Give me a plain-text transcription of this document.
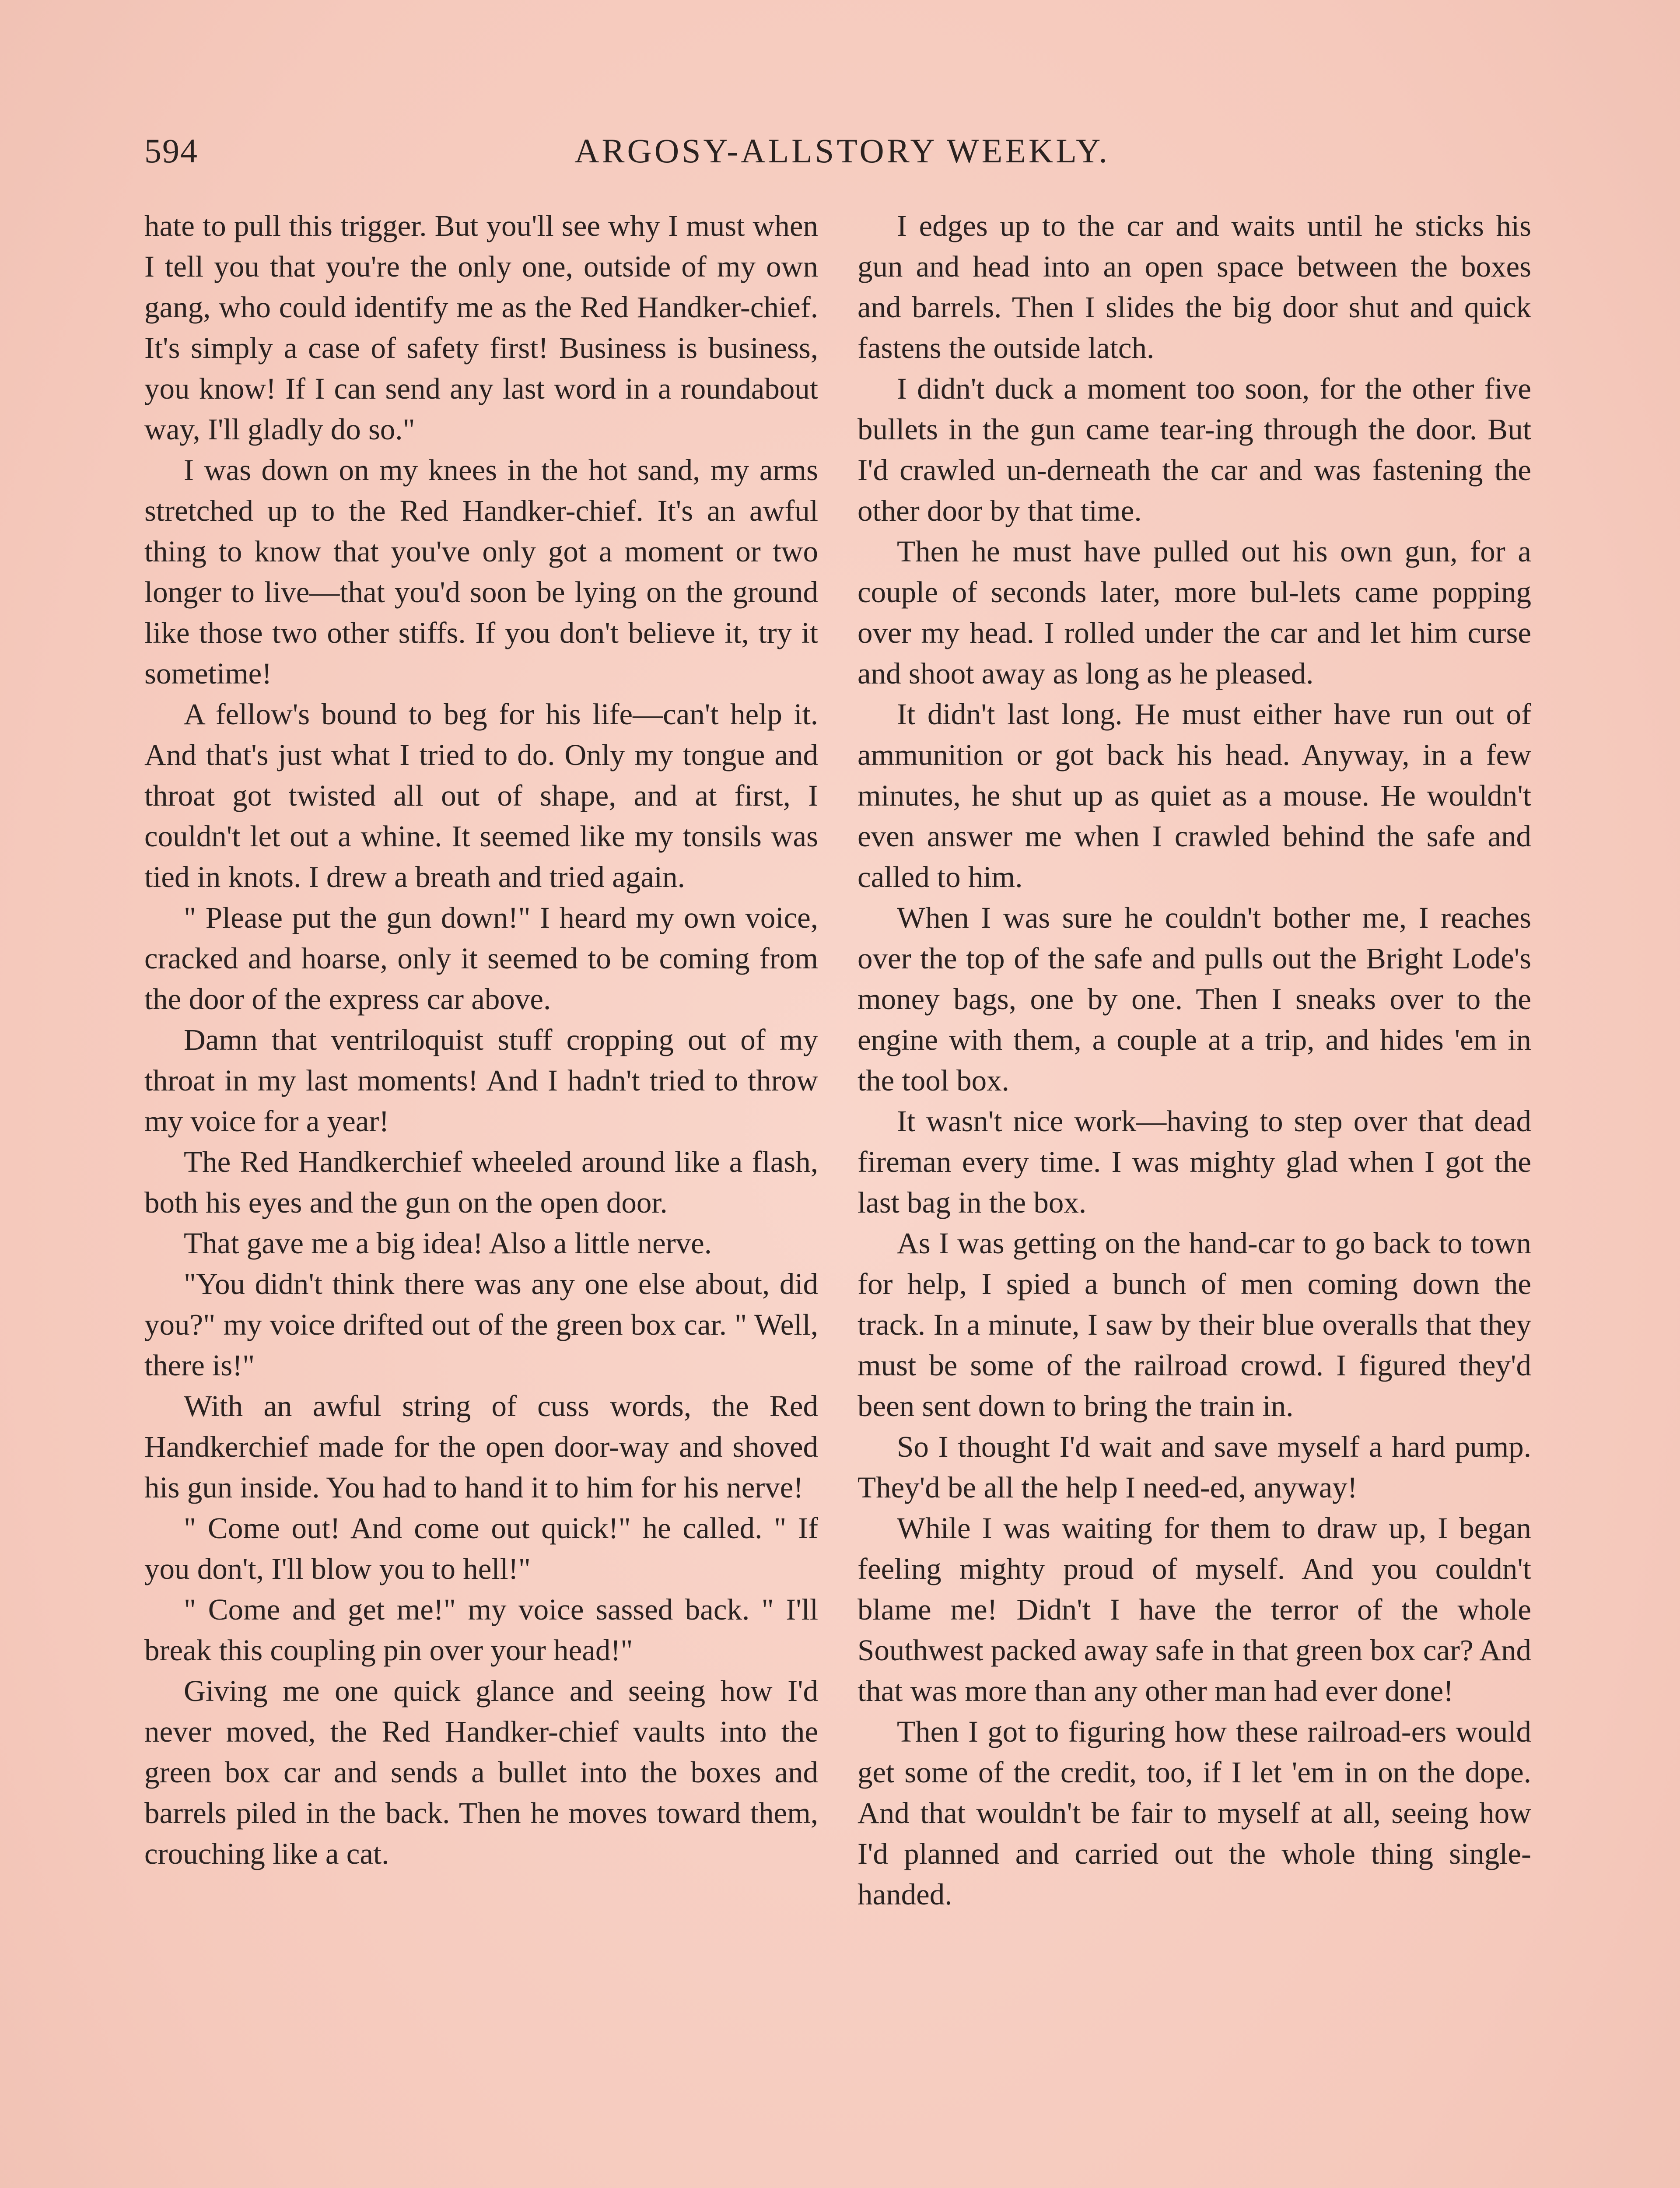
594	ARGOSY-ALLSTORY WEEKLY.

hate to pull this trigger. But you'll see why I must when I tell you that you're the only one, outside of my own gang, who could identify me as the Red Handker-chief. It's simply a case of safety first! Business is business, you know! If I can send any last word in a roundabout way, I'll gladly do so."

I was down on my knees in the hot sand, my arms stretched up to the Red Handker-chief. It's an awful thing to know that you've only got a moment or two longer to live—that you'd soon be lying on the ground like those two other stiffs. If you don't believe it, try it sometime!

A fellow's bound to beg for his life—can't help it. And that's just what I tried to do. Only my tongue and throat got twisted all out of shape, and at first, I couldn't let out a whine. It seemed like my tonsils was tied in knots. I drew a breath and tried again.

" Please put the gun down!" I heard my own voice, cracked and hoarse, only it seemed to be coming from the door of the express car above.

Damn that ventriloquist stuff cropping out of my throat in my last moments! And I hadn't tried to throw my voice for a year!

The Red Handkerchief wheeled around like a flash, both his eyes and the gun on the open door.

That gave me a big idea! Also a little nerve.

"You didn't think there was any one else about, did you?" my voice drifted out of the green box car. " Well, there is!"

With an awful string of cuss words, the Red Handkerchief made for the open door-way and shoved his gun inside. You had to hand it to him for his nerve!

" Come out! And come out quick!" he called. " If you don't, I'll blow you to hell!"

" Come and get me!" my voice sassed back. " I'll break this coupling pin over your head!"

Giving me one quick glance and seeing how I'd never moved, the Red Handker-chief vaults into the green box car and sends a bullet into the boxes and barrels piled in the back. Then he moves toward them, crouching like a cat.

I edges up to the car and waits until he sticks his gun and head into an open space between the boxes and barrels. Then I slides the big door shut and quick fastens the outside latch.

I didn't duck a moment too soon, for the other five bullets in the gun came tear-ing through the door. But I'd crawled un-derneath the car and was fastening the other door by that time.

Then he must have pulled out his own gun, for a couple of seconds later, more bul-lets came popping over my head. I rolled under the car and let him curse and shoot away as long as he pleased.

It didn't last long. He must either have run out of ammunition or got back his head. Anyway, in a few minutes, he shut up as quiet as a mouse. He wouldn't even answer me when I crawled behind the safe and called to him.

When I was sure he couldn't bother me, I reaches over the top of the safe and pulls out the Bright Lode's money bags, one by one. Then I sneaks over to the engine with them, a couple at a trip, and hides 'em in the tool box.

It wasn't nice work—having to step over that dead fireman every time. I was mighty glad when I got the last bag in the box.

As I was getting on the hand-car to go back to town for help, I spied a bunch of men coming down the track. In a minute, I saw by their blue overalls that they must be some of the railroad crowd. I figured they'd been sent down to bring the train in.

So I thought I'd wait and save myself a hard pump. They'd be all the help I need-ed, anyway!

While I was waiting for them to draw up, I began feeling mighty proud of myself. And you couldn't blame me! Didn't I have the terror of the whole Southwest packed away safe in that green box car? And that was more than any other man had ever done!

Then I got to figuring how these railroad-ers would get some of the credit, too, if I let 'em in on the dope. And that wouldn't be fair to myself at all, seeing how I'd planned and carried out the whole thing single-handed.
